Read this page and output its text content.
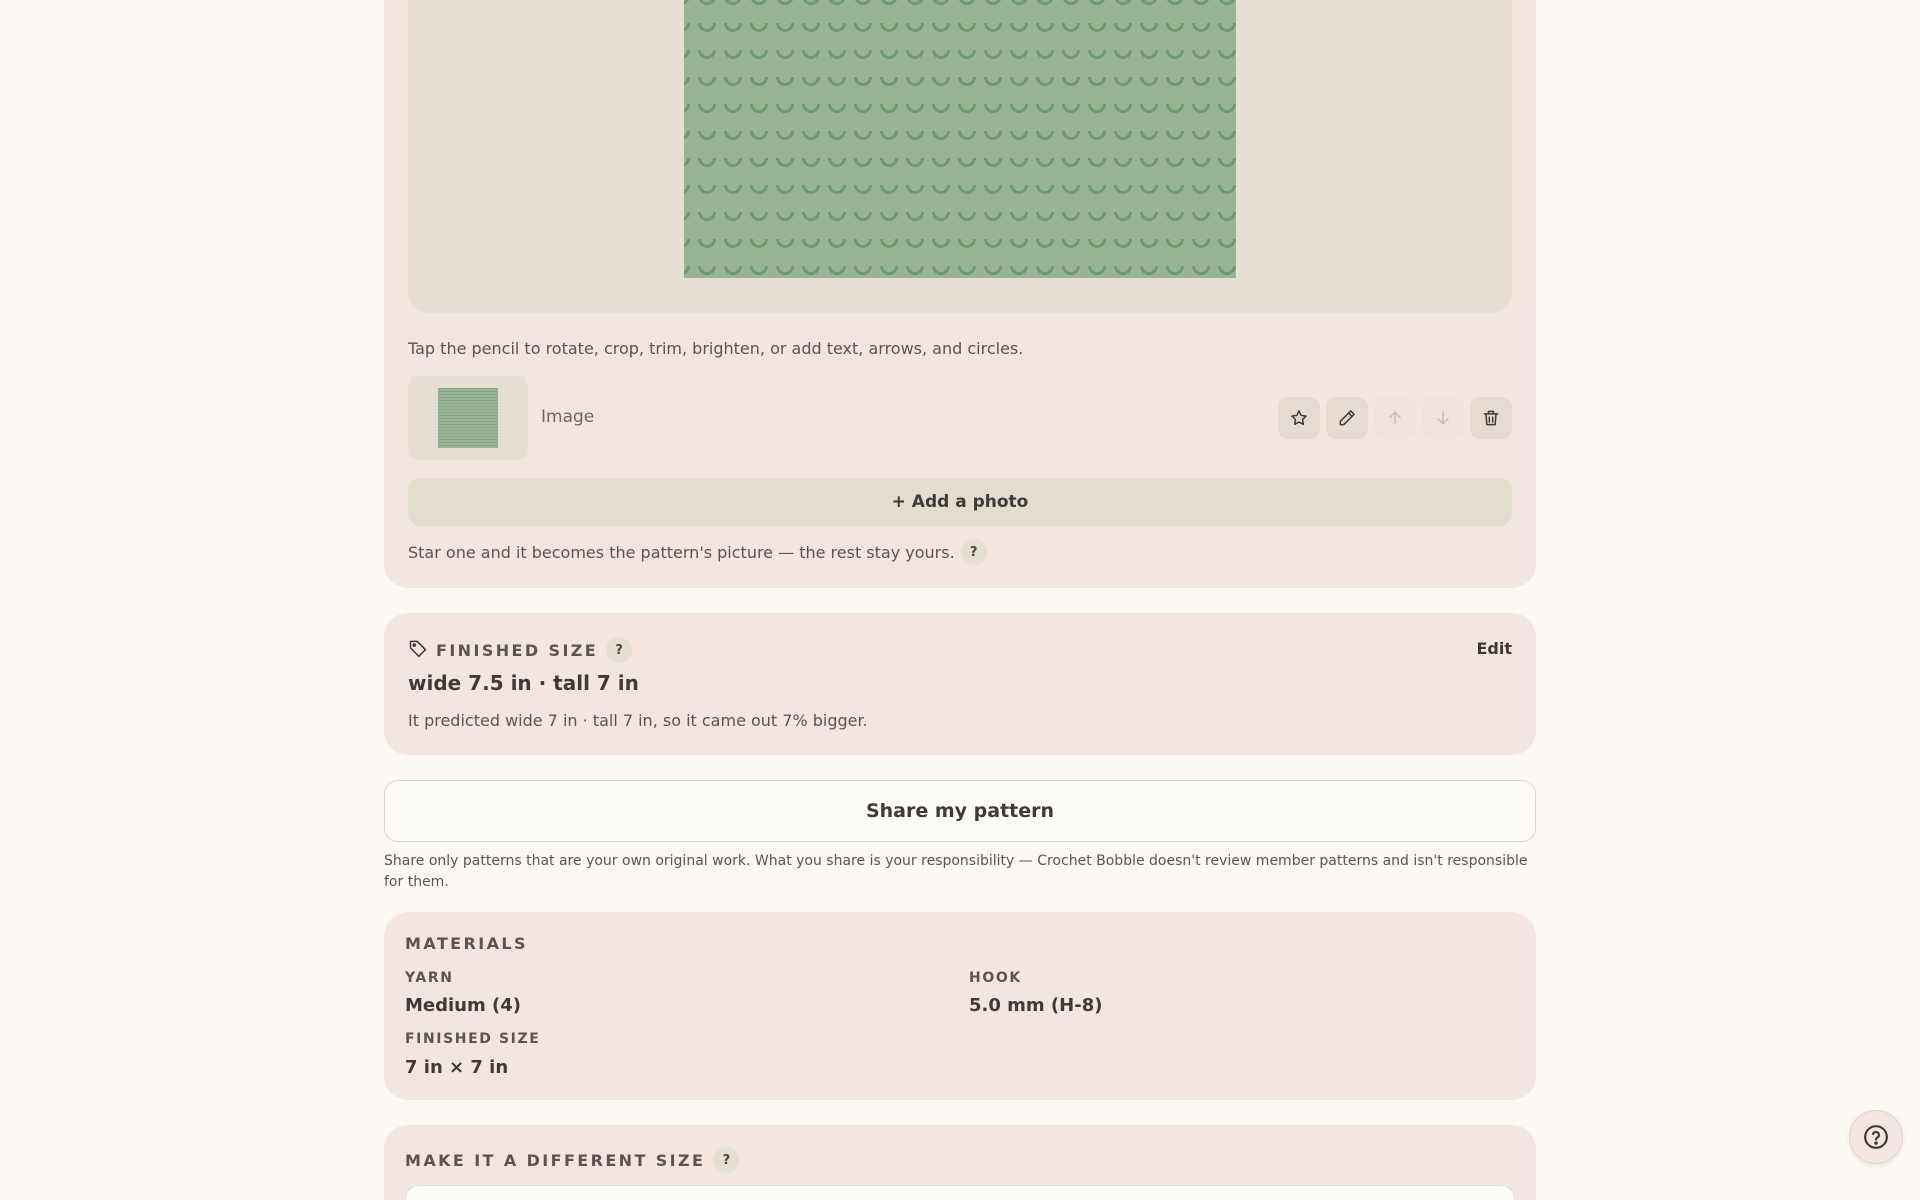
Tap the pencil to rotate, crop, trim, brighten, or add text, arrows, and circles.
Image
+ Add a photo
Star one and it becomes the pattern's picture — the rest stay yours.	?
FINISHED SIZE	?	Edit
wide 7.5 in · tall 7 in
It predicted wide 7 in · tall 7 in, so it came out 7% bigger.
Share my pattern
Share only patterns that are your own original work. What you share is your responsibility — Crochet Bobble doesn't review member patterns and isn't responsible for them.
MATERIALS
YARN
Medium (4)
HOOK
5.0 mm (H-8)
FINISHED SIZE
7 in × 7 in
MAKE IT A DIFFERENT SIZE	?
